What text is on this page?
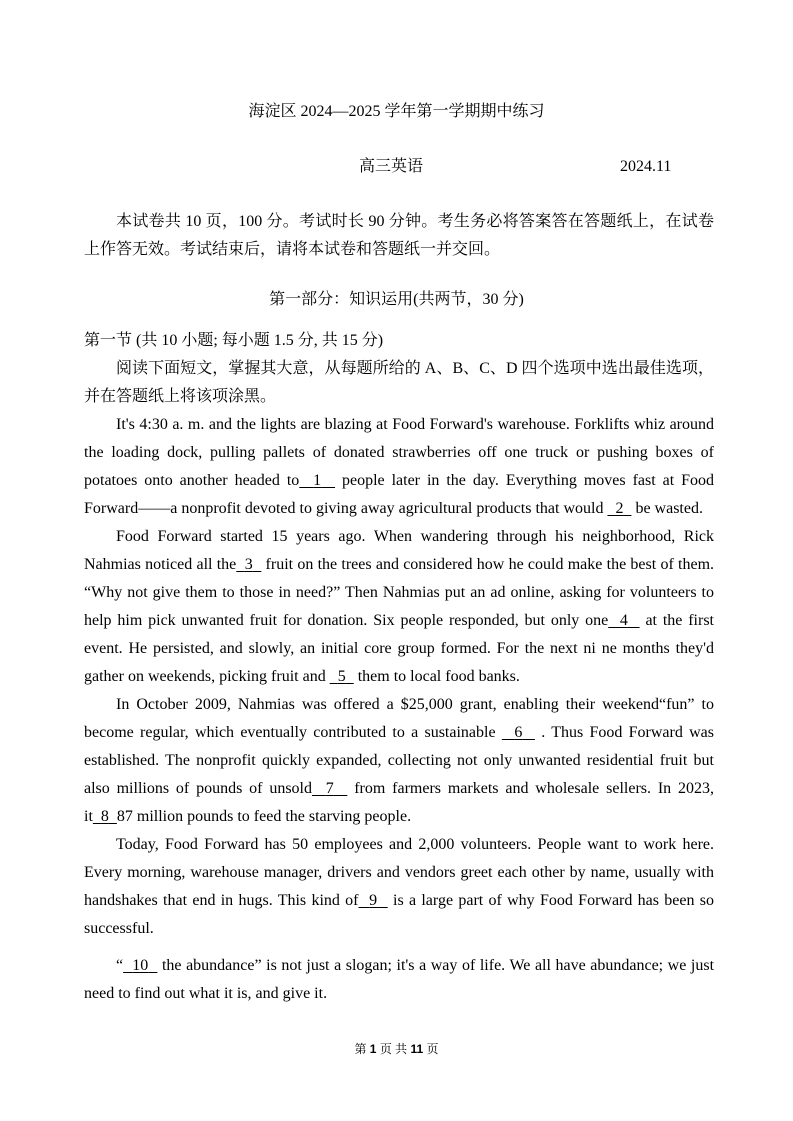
海淀区 2024—2025 学年第一学期期中练习
高三英语	2024.11

本试卷共 10 页，100 分。考试时长 90 分钟。考生务必将答案答在答题纸上，在试卷上作答无效。考试结束后，请将本试卷和答题纸一并交回。

第一部分：知识运用(共两节，30 分)

第一节 (共 10 小题; 每小题 1.5 分, 共 15 分)

阅读下面短文，掌握其大意，从每题所给的 A、B、C、D 四个选项中选出最佳选项，并在答题纸上将该项涂黑。

It's 4:30 a. m. and the lights are blazing at Food Forward's warehouse. Forklifts whiz around the loading dock, pulling pallets of donated strawberries off one truck or pushing boxes of potatoes onto another headed to 1 people later in the day. Everything moves fast at Food Forward——a nonprofit devoted to giving away agricultural products that would 2 be wasted.

Food Forward started 15 years ago. When wandering through his neighborhood, Rick Nahmias noticed all the 3 fruit on the trees and considered how he could make the best of them. “Why not give them to those in need?” Then Nahmias put an ad online, asking for volunteers to help him pick unwanted fruit for donation. Six people responded, but only one 4 at the first event. He persisted, and slowly, an initial core group formed. For the next ni ne months they'd gather on weekends, picking fruit and 5 them to local food banks.

In October 2009, Nahmias was offered a $25,000 grant, enabling their weekend“fun” to become regular, which eventually contributed to a sustainable 6 . Thus Food Forward was established. The nonprofit quickly expanded, collecting not only unwanted residential fruit but also millions of pounds of unsold 7 from farmers markets and wholesale sellers. In 2023, it 8 87 million pounds to feed the starving people.

Today, Food Forward has 50 employees and 2,000 volunteers. People want to work here. Every morning, warehouse manager, drivers and vendors greet each other by name, usually with handshakes that end in hugs. This kind of 9 is a large part of why Food Forward has been so successful.

“ 10 the abundance” is not just a slogan; it's a way of life. We all have abundance; we just need to find out what it is, and give it.

第 1 页 共 11 页
